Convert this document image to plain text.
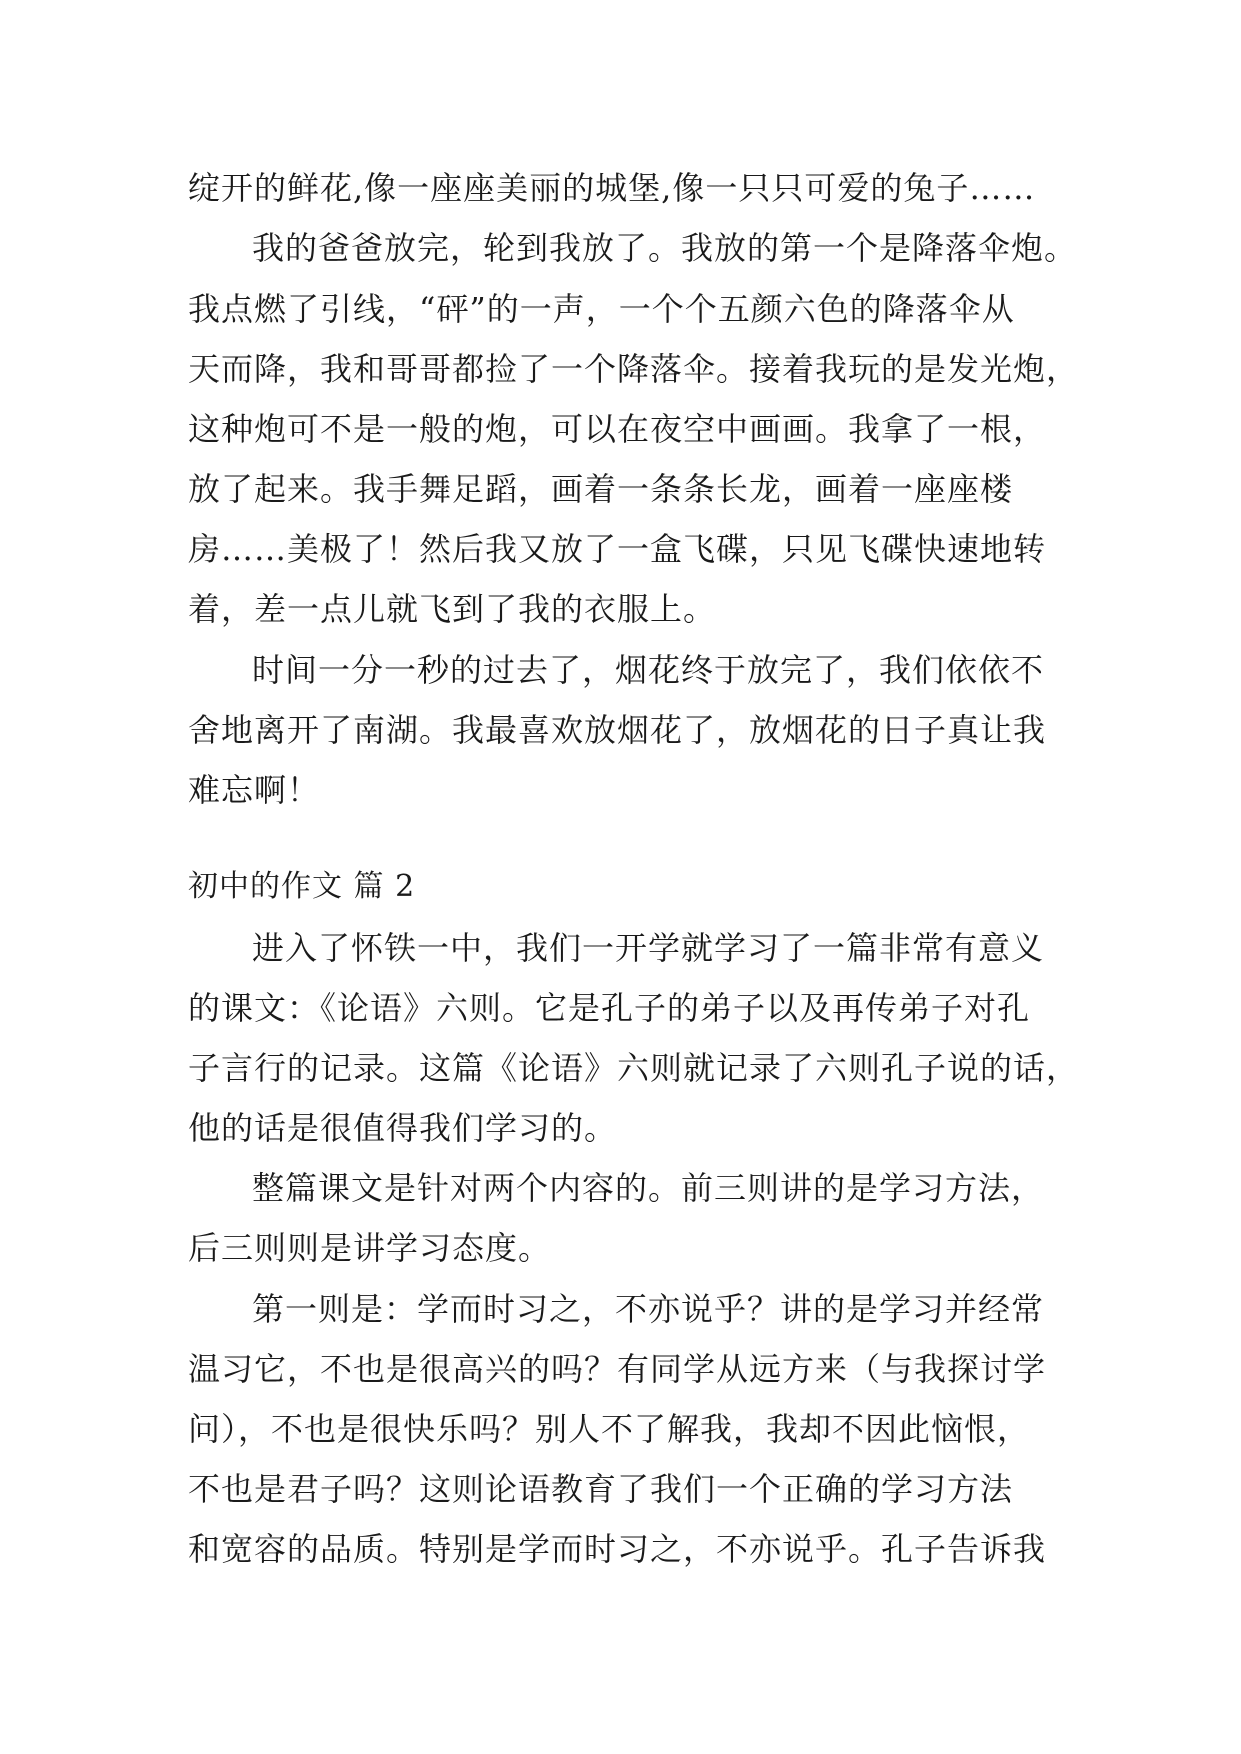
绽开的鲜花,像一座座美丽的城堡,像一只只可爱的兔子……
我的爸爸放完，轮到我放了。我放的第一个是降落伞炮。
我点燃了引线，“砰”的一声，一个个五颜六色的降落伞从
天而降，我和哥哥都捡了一个降落伞。接着我玩的是发光炮，
这种炮可不是一般的炮，可以在夜空中画画。我拿了一根，
放了起来。我手舞足蹈，画着一条条长龙，画着一座座楼
房……美极了！然后我又放了一盒飞碟，只见飞碟快速地转
着，差一点儿就飞到了我的衣服上。
时间一分一秒的过去了，烟花终于放完了，我们依依不
舍地离开了南湖。我最喜欢放烟花了，放烟花的日子真让我
难忘啊！
初中的作文 篇 2
进入了怀铁一中，我们一开学就学习了一篇非常有意义
的课文：《论语》六则。它是孔子的弟子以及再传弟子对孔
子言行的记录。这篇《论语》六则就记录了六则孔子说的话，
他的话是很值得我们学习的。
整篇课文是针对两个内容的。前三则讲的是学习方法，
后三则则是讲学习态度。
第一则是：学而时习之，不亦说乎？讲的是学习并经常
温习它，不也是很高兴的吗？有同学从远方来（与我探讨学
问），不也是很快乐吗？别人不了解我，我却不因此恼恨，
不也是君子吗？这则论语教育了我们一个正确的学习方法
和宽容的品质。特别是学而时习之，不亦说乎。孔子告诉我
